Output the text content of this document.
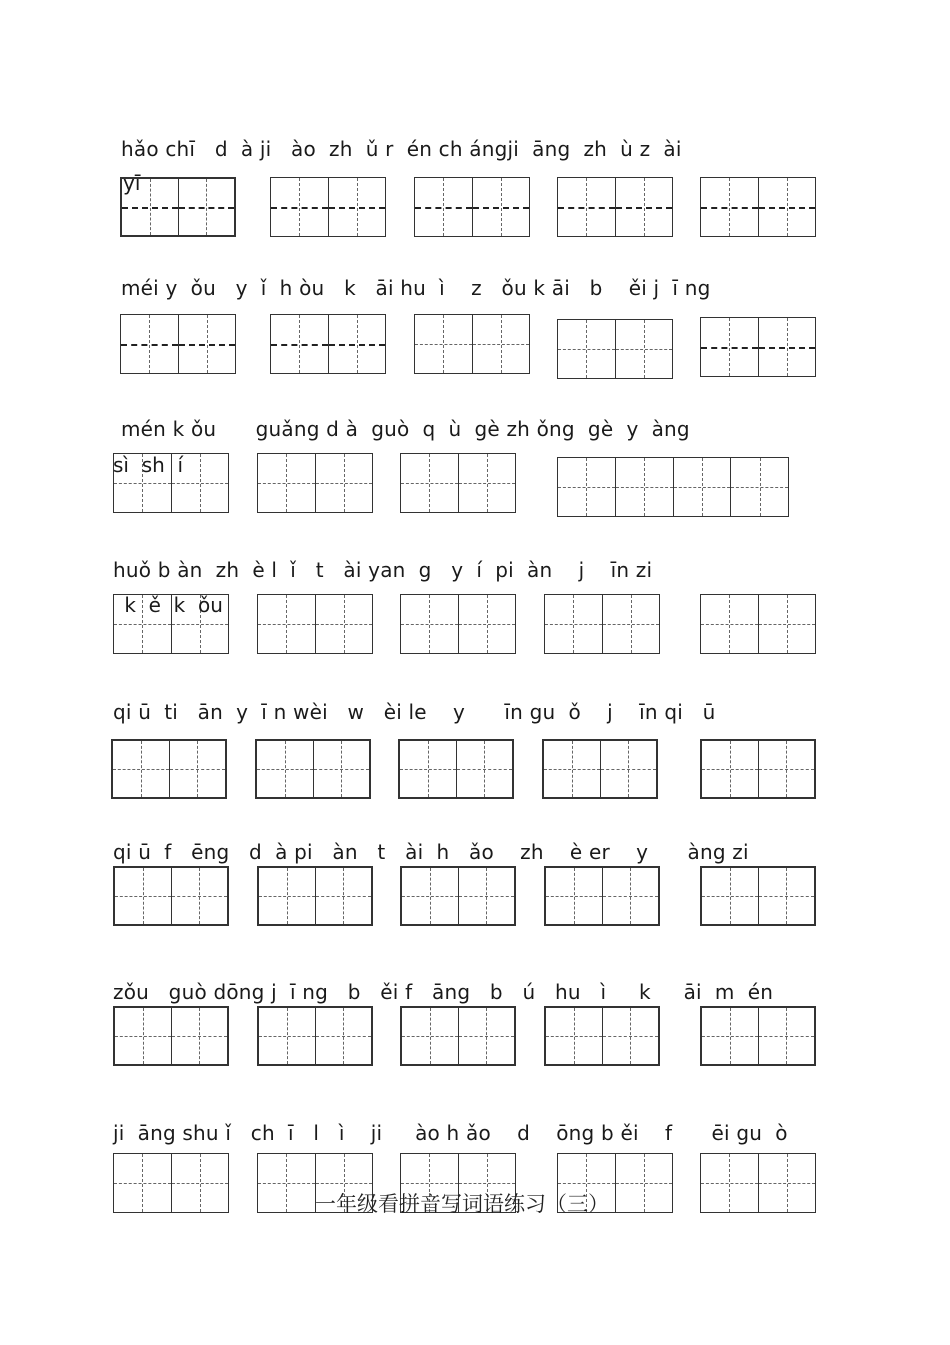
hǎo chī   d  à ji   ào  zh  ǔ r  én ch ángji  āng  zh  ù z  ài
yī
méi y  ǒu   y  ǐ  h òu   k   āi hu  ì    z   ǒu k āi   b    ěi j  ī ng
mén k ǒu      guǎng d à  guò  q  ù  gè zh ǒng  gè  y  àng
sì  sh  í
huǒ b àn  zh  è l  ǐ   t   ài yan  g   y  í  pi  àn    j    īn zi
k  ě  k  ǒu
qi ū  ti   ān  y  ī n wèi   w   èi le    y      īn gu  ǒ    j    īn qi   ū
qi ū  f   ēng   d  à pi   àn   t   ài  h   ǎo    zh    è er    y      àng zi
zǒu   guò dōng j  ī ng   b   ěi f   āng   b   ú   hu   ì     k     āi  m  én
ji  āng shu ǐ   ch  ī   l   ì    ji     ào h ǎo    d    ōng b ěi    f      ēi gu  ò
一年级看拼音写词语练习（三）
